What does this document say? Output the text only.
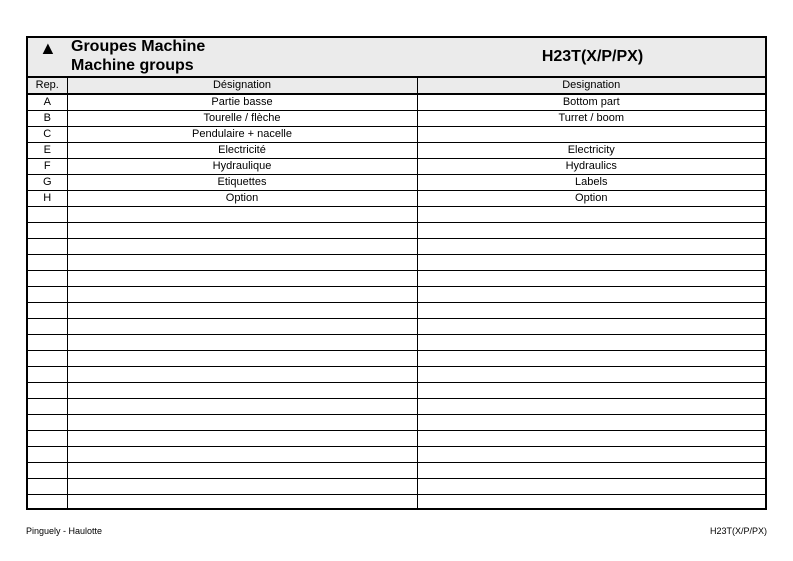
▲ Groupes Machine
Machine groups
H23T(X/P/PX)
Rep.	Désignation	Designation
A	Partie basse	Bottom part
B	Tourelle / flèche	Turret / boom
C	Pendulaire + nacelle	
E	Electricité	Electricity
F	Hydraulique	Hydraulics
G	Etiquettes	Labels
H	Option	Option

Pinguely - Haulotte	H23T(X/P/PX)
